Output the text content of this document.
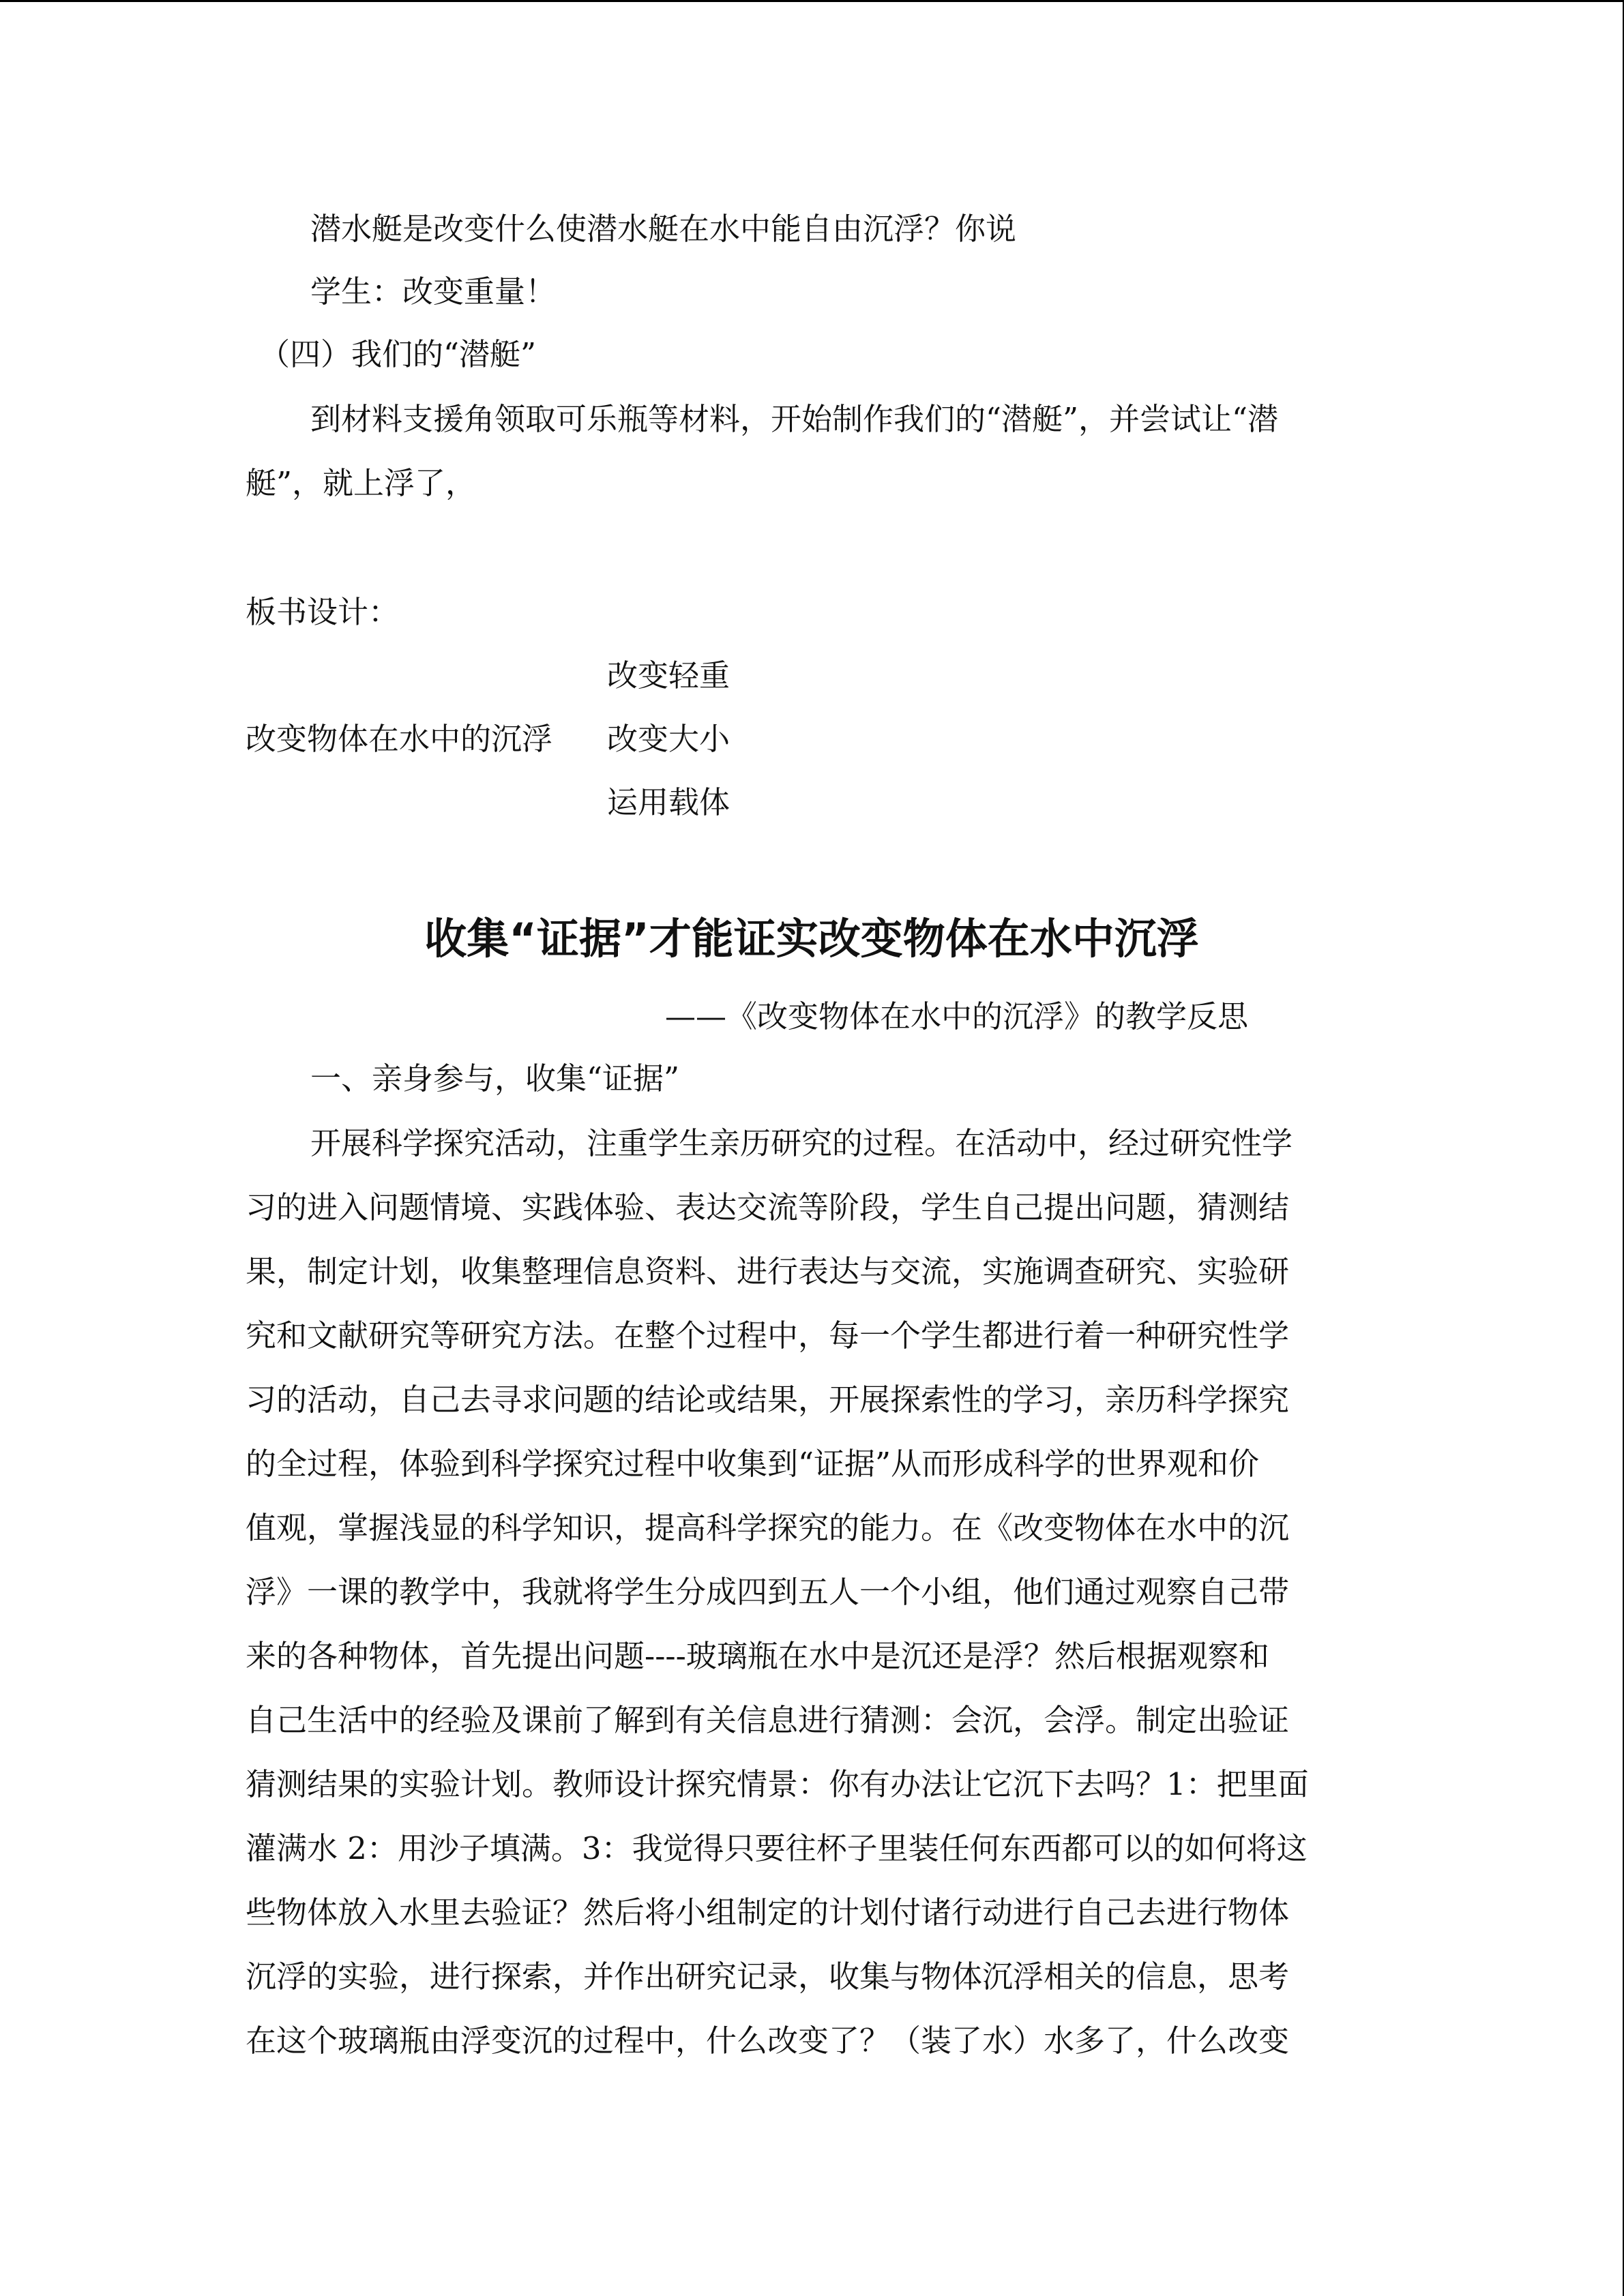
潜水艇是改变什么使潜水艇在水中能自由沉浮？你说
学生：改变重量！
（四）我们的“潜艇”
到材料支援角领取可乐瓶等材料，开始制作我们的“潜艇”，并尝试让“潜
艇”，就上浮了，
板书设计：
改变轻重
改变物体在水中的沉浮	改变大小
运用载体
收集“证据”才能证实改变物体在水中沉浮
——《改变物体在水中的沉浮》的教学反思
一、亲身参与，收集“证据”
开展科学探究活动，注重学生亲历研究的过程。在活动中，经过研究性学
习的进入问题情境、实践体验、表达交流等阶段，学生自己提出问题，猜测结
果，制定计划，收集整理信息资料、进行表达与交流，实施调查研究、实验研
究和文献研究等研究方法。在整个过程中，每一个学生都进行着一种研究性学
习的活动，自己去寻求问题的结论或结果，开展探索性的学习，亲历科学探究
的全过程，体验到科学探究过程中收集到“证据”从而形成科学的世界观和价
值观，掌握浅显的科学知识，提高科学探究的能力。在《改变物体在水中的沉
浮》一课的教学中，我就将学生分成四到五人一个小组，他们通过观察自己带
来的各种物体，首先提出问题----玻璃瓶在水中是沉还是浮？然后根据观察和
自己生活中的经验及课前了解到有关信息进行猜测：会沉，会浮。制定出验证
猜测结果的实验计划。教师设计探究情景：你有办法让它沉下去吗？1：把里面
灌满水 2：用沙子填满。3：我觉得只要往杯子里装任何东西都可以的如何将这
些物体放入水里去验证？然后将小组制定的计划付诸行动进行自己去进行物体
沉浮的实验，进行探索，并作出研究记录，收集与物体沉浮相关的信息，思考
在这个玻璃瓶由浮变沉的过程中，什么改变了？（装了水）水多了，什么改变
